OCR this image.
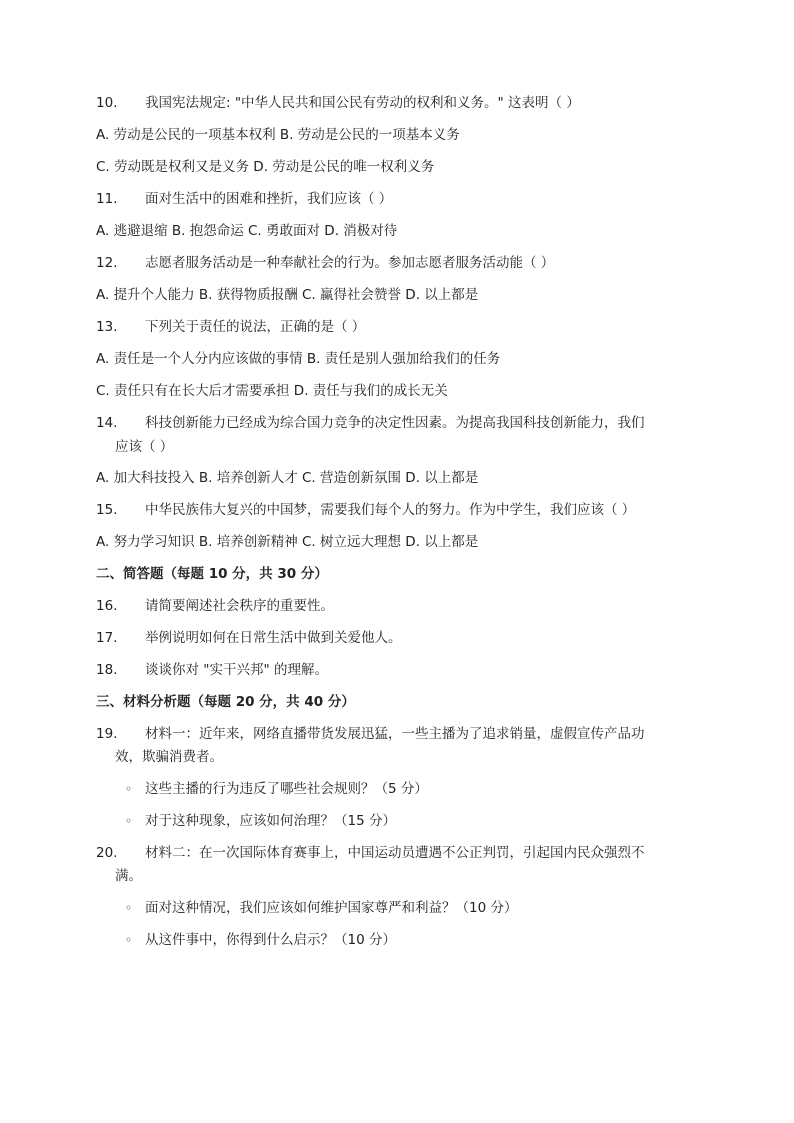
10. 我国宪法规定: "中华人民共和国公民有劳动的权利和义务。" 这表明（ ）
A. 劳动是公民的一项基本权利 B. 劳动是公民的一项基本义务
C. 劳动既是权利又是义务 D. 劳动是公民的唯一权利义务
11. 面对生活中的困难和挫折，我们应该（ ）
A. 逃避退缩 B. 抱怨命运 C. 勇敢面对 D. 消极对待
12. 志愿者服务活动是一种奉献社会的行为。参加志愿者服务活动能（ ）
A. 提升个人能力 B. 获得物质报酬 C. 赢得社会赞誉 D. 以上都是
13. 下列关于责任的说法，正确的是（ ）
A. 责任是一个人分内应该做的事情 B. 责任是别人强加给我们的任务
C. 责任只有在长大后才需要承担 D. 责任与我们的成长无关
14. 科技创新能力已经成为综合国力竞争的决定性因素。为提高我国科技创新能力，我们
应该（ ）
A. 加大科技投入 B. 培养创新人才 C. 营造创新氛围 D. 以上都是
15. 中华民族伟大复兴的中国梦，需要我们每个人的努力。作为中学生，我们应该（ ）
A. 努力学习知识 B. 培养创新精神 C. 树立远大理想 D. 以上都是
二、简答题（每题 10 分，共 30 分）
16. 请简要阐述社会秩序的重要性。
17. 举例说明如何在日常生活中做到关爱他人。
18. 谈谈你对 "实干兴邦" 的理解。
三、材料分析题（每题 20 分，共 40 分）
19. 材料一：近年来，网络直播带货发展迅猛，一些主播为了追求销量，虚假宣传产品功
效，欺骗消费者。
◦ 这些主播的行为违反了哪些社会规则？（5 分）
◦ 对于这种现象，应该如何治理？（15 分）
20. 材料二：在一次国际体育赛事上，中国运动员遭遇不公正判罚，引起国内民众强烈不
满。
◦ 面对这种情况，我们应该如何维护国家尊严和利益？（10 分）
◦ 从这件事中，你得到什么启示？（10 分）
